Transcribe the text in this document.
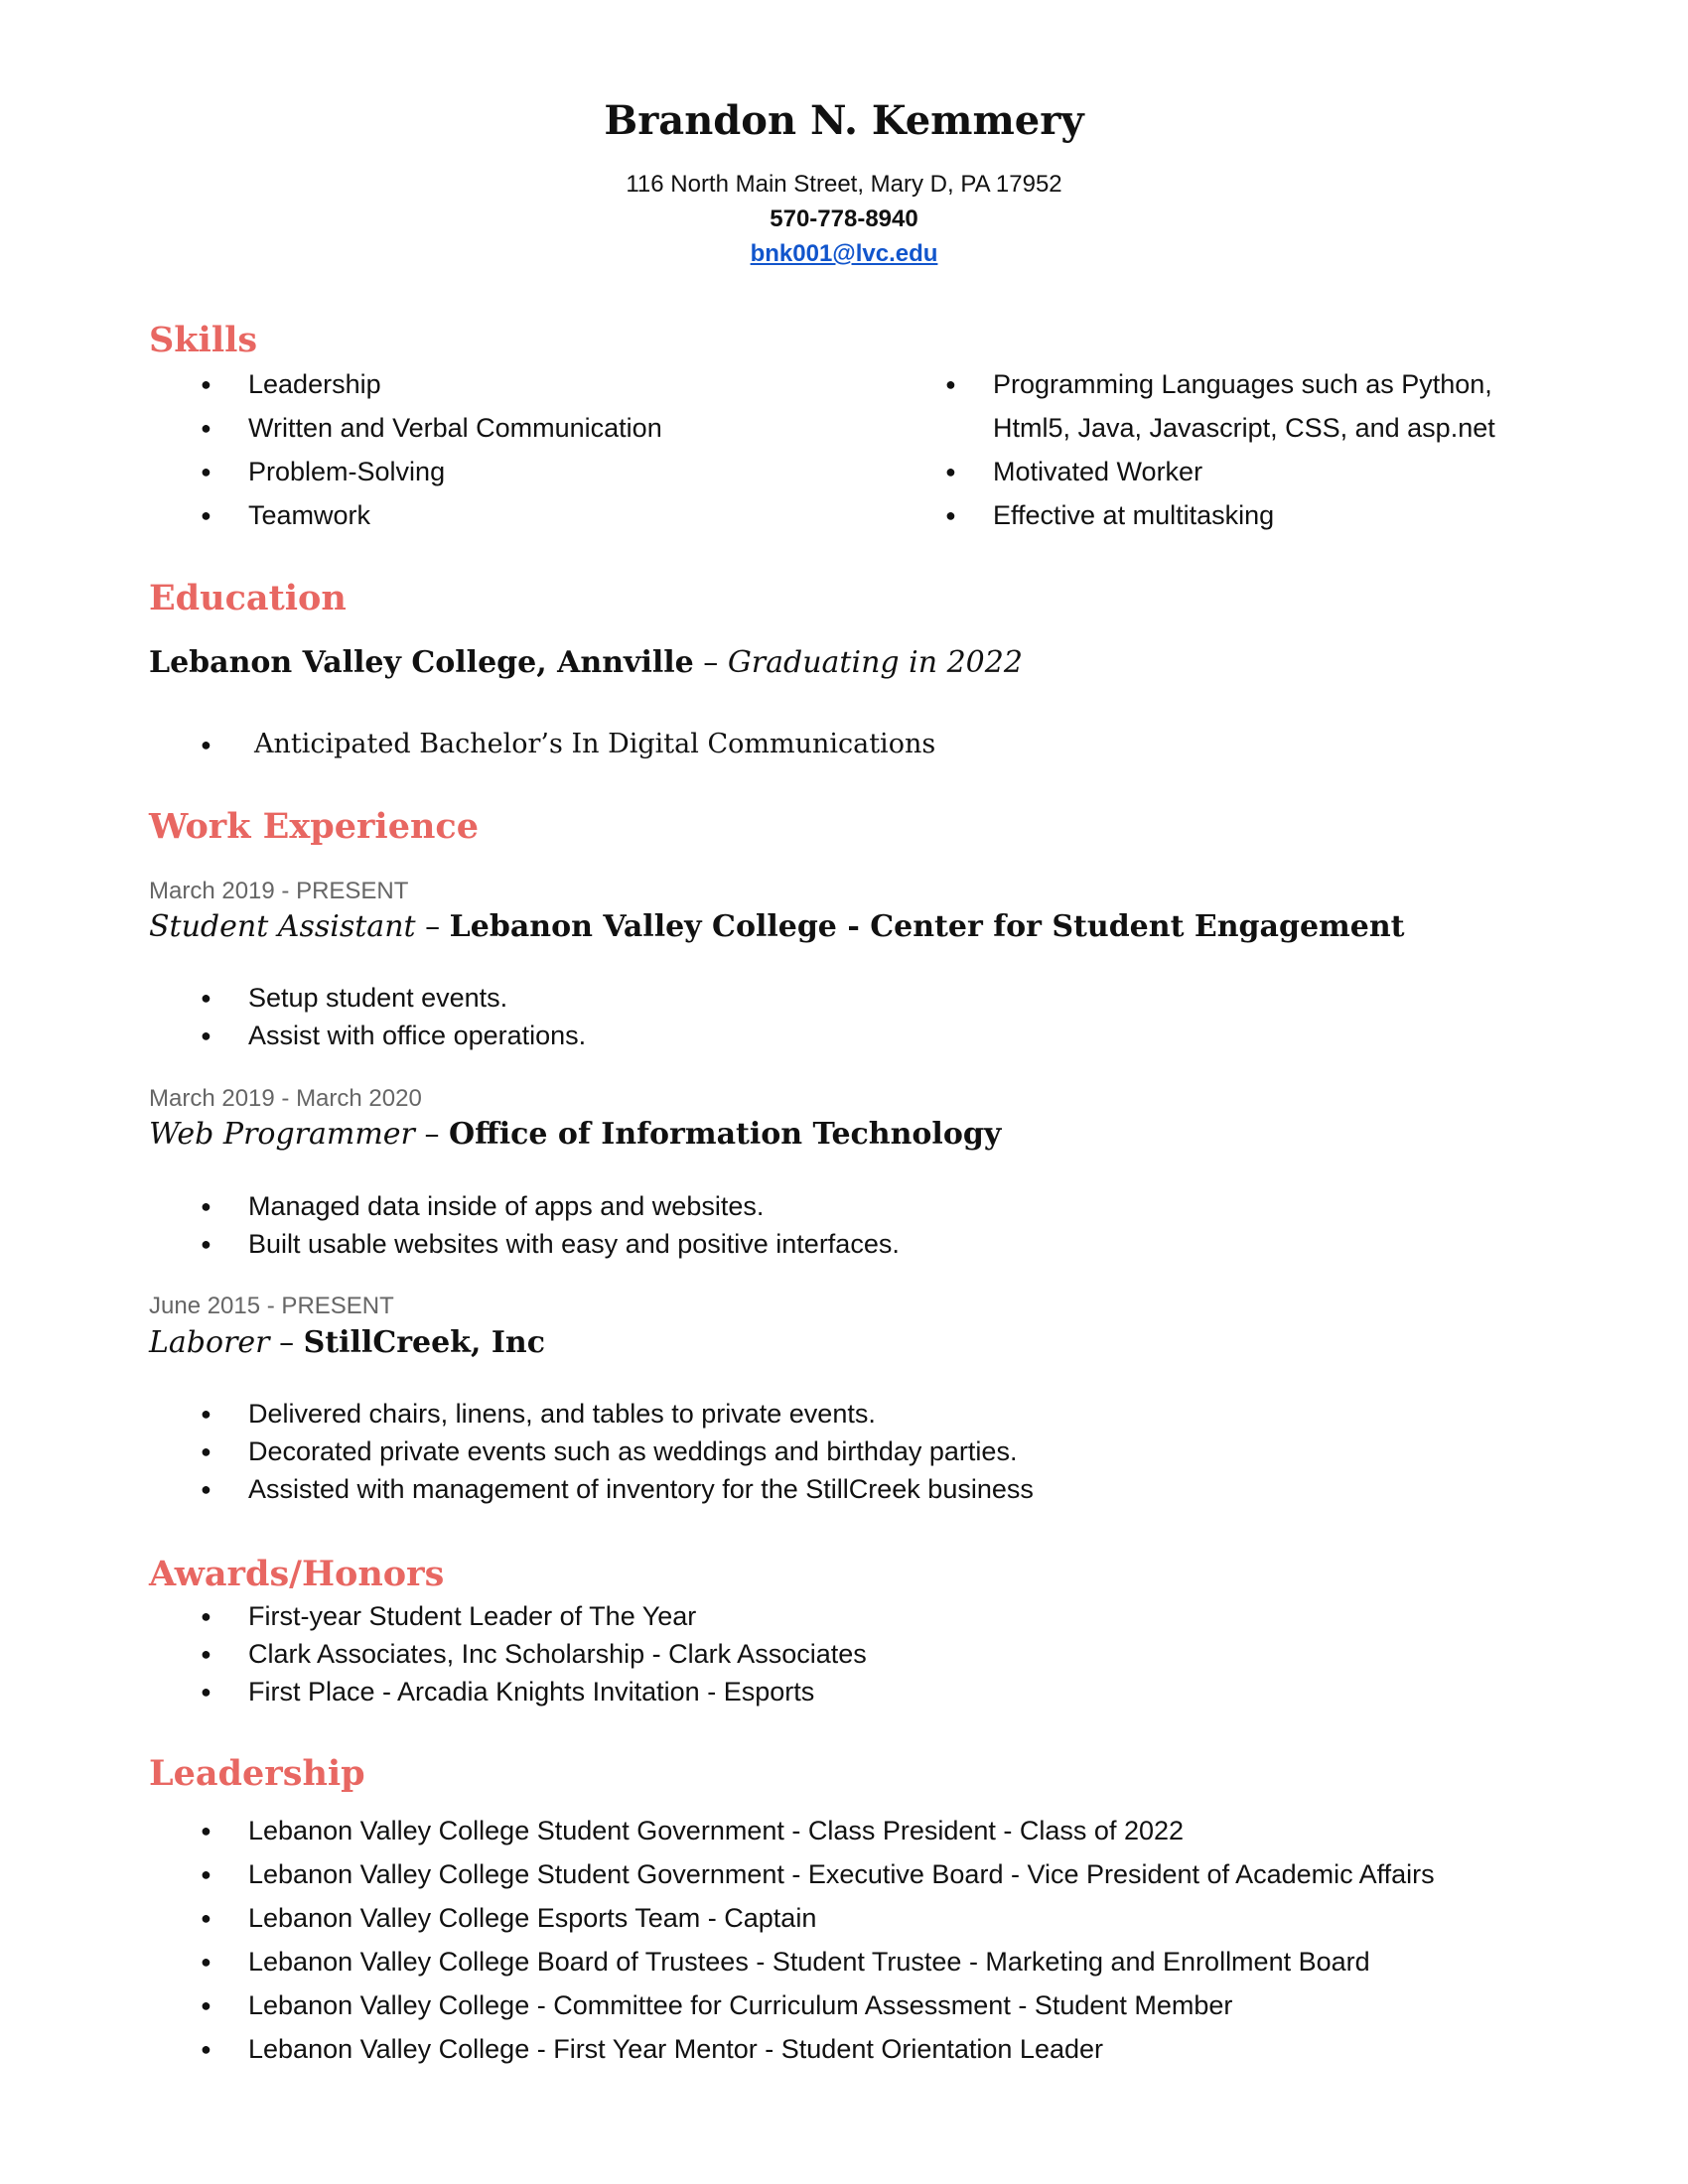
Brandon N. Kemmery
116 North Main Street, Mary D, PA 17952
570-778-8940
bnk001@lvc.edu
Skills
● Leadership
● Written and Verbal Communication
● Problem-Solving
● Teamwork
● Programming Languages such as Python,
Html5, Java, Javascript, CSS, and asp.net
● Motivated Worker
● Effective at multitasking
Education
Lebanon Valley College, Annville – Graduating in 2022
● Anticipated Bachelor’s In Digital Communications
Work Experience
March 2019 - PRESENT
Student Assistant – Lebanon Valley College - Center for Student Engagement
● Setup student events.
● Assist with office operations.
March 2019 - March 2020
Web Programmer – Office of Information Technology
● Managed data inside of apps and websites.
● Built usable websites with easy and positive interfaces.
June 2015 - PRESENT
Laborer – StillCreek, Inc
● Delivered chairs, linens, and tables to private events.
● Decorated private events such as weddings and birthday parties.
● Assisted with management of inventory for the StillCreek business
Awards/Honors
● First-year Student Leader of The Year
● Clark Associates, Inc Scholarship - Clark Associates
● First Place - Arcadia Knights Invitation - Esports
Leadership
● Lebanon Valley College Student Government - Class President - Class of 2022
● Lebanon Valley College Student Government - Executive Board - Vice President of Academic Affairs
● Lebanon Valley College Esports Team - Captain
● Lebanon Valley College Board of Trustees - Student Trustee - Marketing and Enrollment Board
● Lebanon Valley College - Committee for Curriculum Assessment - Student Member
● Lebanon Valley College - First Year Mentor - Student Orientation Leader
